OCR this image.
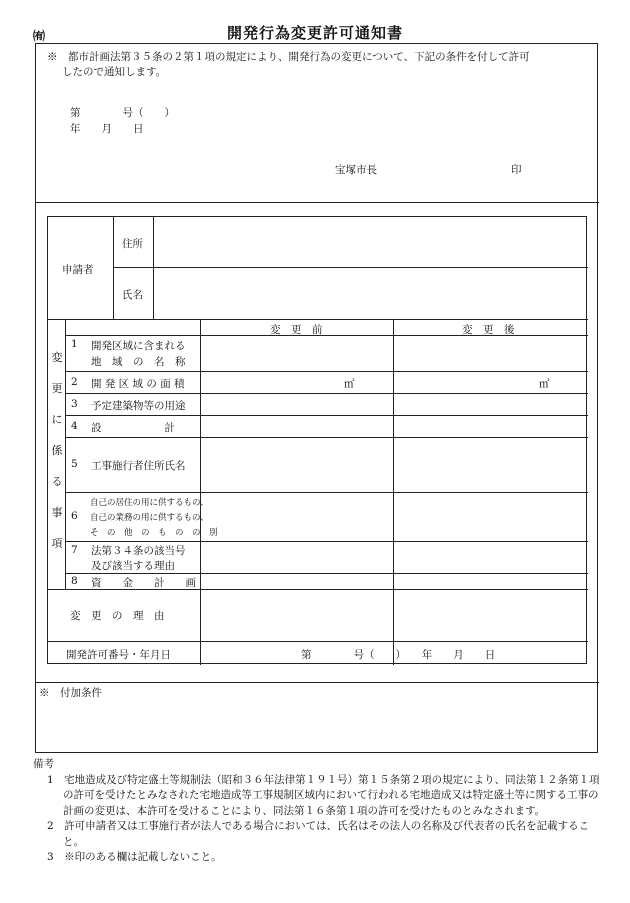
㈲	開発行為変更許可通知書
※　都市計画法第３５条の２第１項の規定により、開発行為の変更について、下記の条件を付して許可
したので通知します。
第　　　　号（　　）
年　　月　　日
宝塚市長	印
申請者
住所
氏名
変
更
に
係
る
事
項
変　更　前	変　更　後
1 開発区域に含まれる
地　域　の　名　称
2 開 発 区 域 の 面 積	㎡	㎡
3 予定建築物等の用途
4 設　　　　　　計
5 工事施行者住所氏名
6
自己の居住の用に供するもの、
自己の業務の用に供するもの、
そ　の　他　の　も　の　の　別
7 法第３４条の該当号
及び該当する理由
8 資　　金　　計　　画
変　更　の　理　由
開発許可番号・年月日	第　　　　号（　　）　　年　　月　　日
※　付加条件

備考

1　宅地造成及び特定盛土等規制法（昭和３６年法律第１９１号）第１５条第２項の規定により、同法第１２条第１項の許可を受けたとみなされた宅地造成等工事規制区域内において行われる宅地造成又は特定盛土等に関する工事の計画の変更は、本許可を受けることにより、同法第１６条第１項の許可を受けたものとみなされます。

2　許可申請者又は工事施行者が法人である場合においては、氏名はその法人の名称及び代表者の氏名を記載すること。

3　※印のある欄は記載しないこと。
